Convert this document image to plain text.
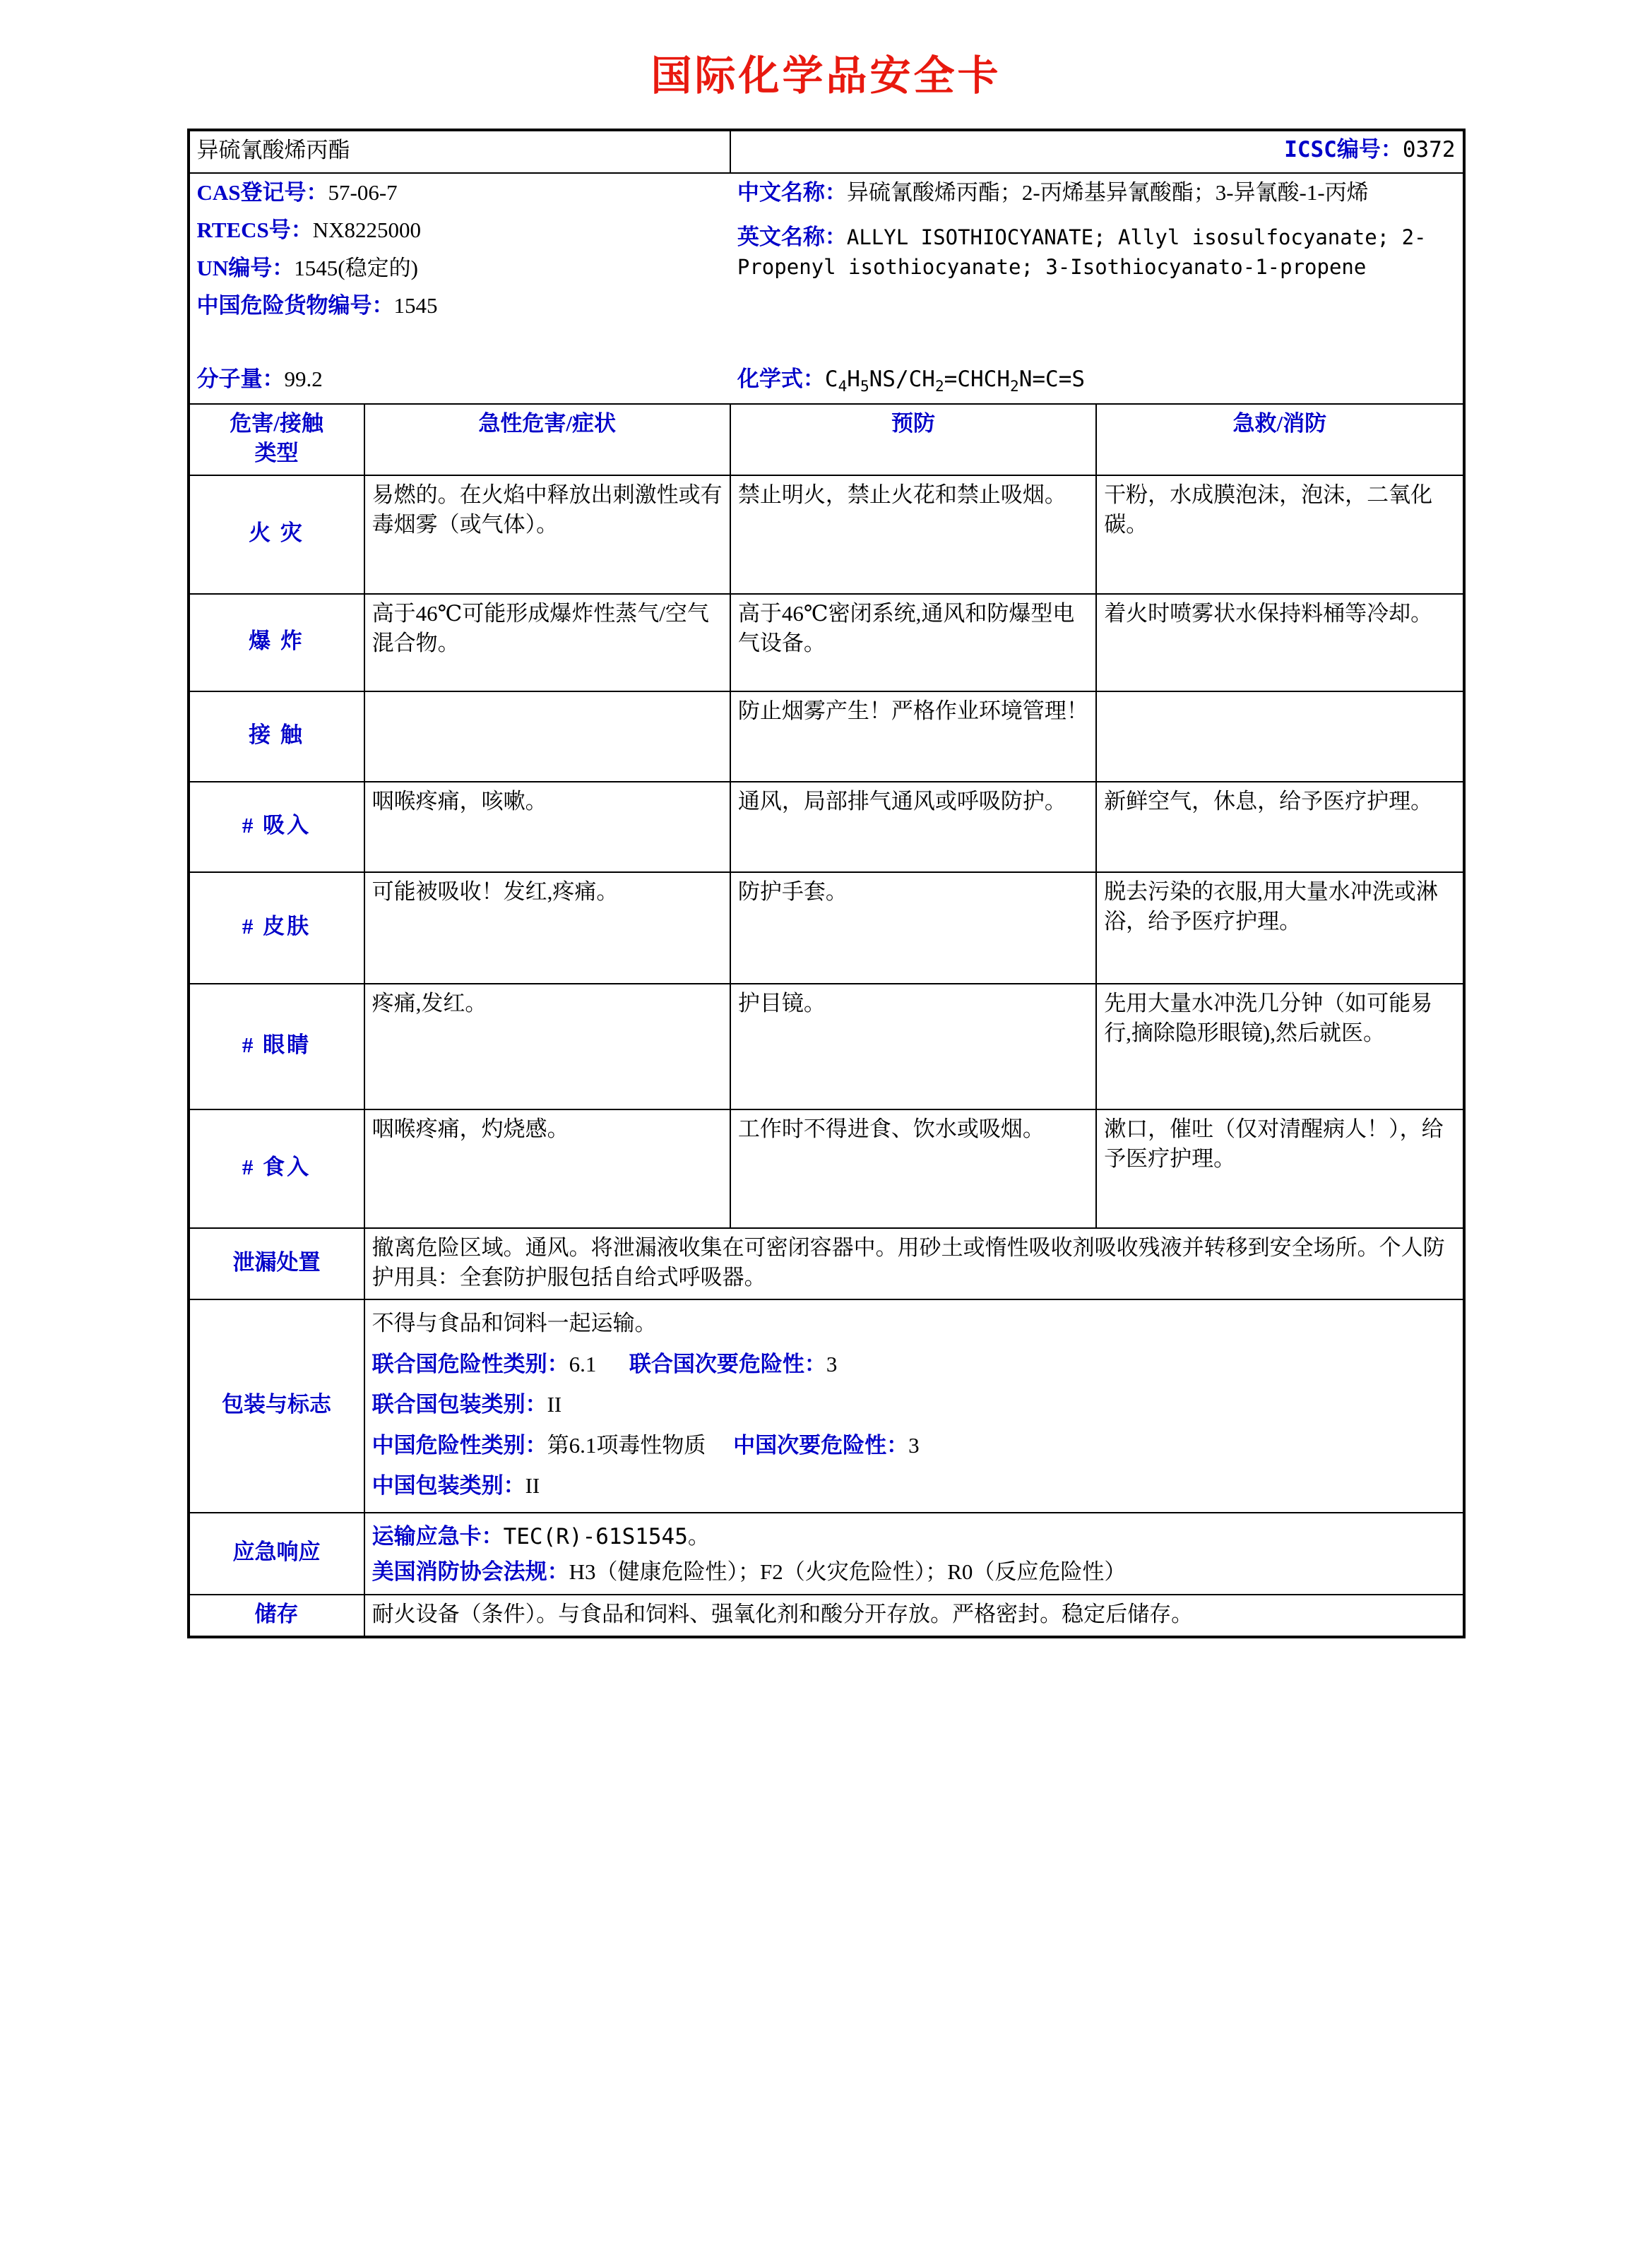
国际化学品安全卡
异硫氰酸烯丙酯		ICSC编号：0372	

CAS登记号：57-06-7
RTECS号：NX8225000
UN编号：1545(稳定的)
中国危险货物编号：1545

中文名称：异硫氰酸烯丙酯；2-丙烯基异氰酸酯；3-异氰酸-1-丙烯
英文名称：ALLYL ISOTHIOCYANATE; Allyl isosulfocyanate; 2-Propenyl isothiocyanate; 3-Isothiocyanato-1-propene

分子量：99.2		化学式：$C_4H_5NS/CH_2=CHCH_2N=C=S$	

危害/接触
类型	急性危害/症状	预防	急救/消防
火 灾	易燃的。在火焰中释放出刺激性或有毒烟雾（或气体）。	禁止明火，禁止火花和禁止吸烟。	干粉，水成膜泡沫，泡沫，二氧化碳。
爆 炸	高于46℃可能形成爆炸性蒸气/空气混合物。	高于46℃密闭系统,通风和防爆型电气设备。	着火时喷雾状水保持料桶等冷却。
接 触		防止烟雾产生！严格作业环境管理！	
# 吸入	咽喉疼痛，咳嗽。	通风，局部排气通风或呼吸防护。	新鲜空气，休息，给予医疗护理。
# 皮肤	可能被吸收！发红,疼痛。	防护手套。	脱去污染的衣服,用大量水冲洗或淋浴，给予医疗护理。
# 眼睛	疼痛,发红。	护目镜。	先用大量水冲洗几分钟（如可能易行,摘除隐形眼镜),然后就医。
# 食入	咽喉疼痛，灼烧感。	工作时不得进食、饮水或吸烟。	漱口，催吐（仅对清醒病人！），给予医疗护理。
泄漏处置	撤离危险区域。通风。将泄漏液收集在可密闭容器中。用砂土或惰性吸收剂吸收残液并转移到安全场所。个人防护用具：全套防护服包括自给式呼吸器。		
包装与标志	不得与食品和饲料一起运输。

联合国危险性类别：6.1 联合国次要危险性：3

联合国包装类别：II

中国危险性类别：第6.1项毒性物质 中国次要危险性：3

中国包装类别：II		

应急响应	运输应急卡：TEC(R)-61S1545。

美国消防协会法规：H3（健康危险性）；F2（火灾危险性）；R0（反应危险性）		

储存	耐火设备（条件）。与食品和饲料、强氧化剂和酸分开存放。严格密封。稳定后储存。		
